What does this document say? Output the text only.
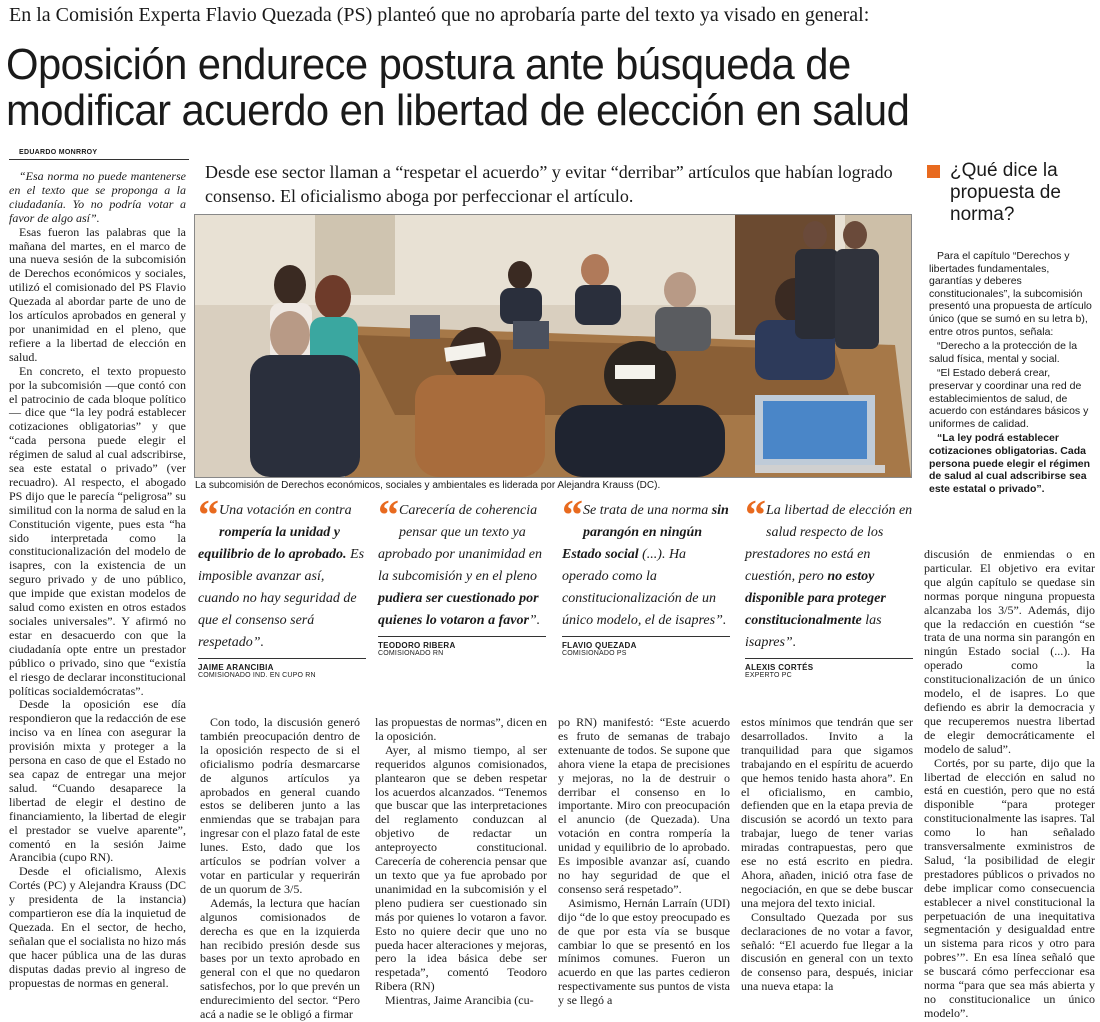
En la Comisión Experta Flavio Quezada (PS) planteó que no aprobaría parte del texto ya visado en general:
Oposición endurece postura ante búsqueda de
modificar acuerdo en libertad de elección en salud
EDUARDO MONRROY
Desde ese sector llaman a “respetar el acuerdo” y evitar “derribar” artículos que habían logrado consenso. El oficialismo aboga por perfeccionar el artículo.

“Esa norma no puede mantenerse en el texto que se proponga a la ciudadanía. Yo no podría votar a favor de algo así”.

Esas fueron las palabras que la mañana del martes, en el marco de una nueva sesión de la subcomisión de Derechos económicos y sociales, utilizó el comisionado del PS Flavio Quezada al abordar parte de uno de los artículos aprobados en general y por unanimidad en el pleno, que refiere a la libertad de elección en salud.

En concreto, el texto propuesto por la subcomisión —que contó con el patrocinio de cada bloque político— dice que “la ley podrá establecer cotizaciones obligatorias” y que “cada persona puede elegir el régimen de salud al cual adscribirse, sea este estatal o privado” (ver recuadro). Al respecto, el abogado PS dijo que le parecía “peligrosa” su similitud con la norma de salud en la Constitución vigente, pues esta “ha sido interpretada como la constitucionalización del modelo de isapres, con la existencia de un seguro privado y de uno público, que impide que existan modelos de salud como existen en otros estados sociales universales”. Y afirmó no estar en desacuerdo con que la ciudadanía opte entre un prestador público o privado, sino que “existía el riesgo de declarar inconstitucional políticas socialdemócratas”.

Desde la oposición ese día respondieron que la redacción de ese inciso va en línea con asegurar la provisión mixta y proteger a la persona en caso de que el Estado no sea capaz de entregar una mejor salud. “Cuando desaparece la libertad de elegir el destino de financiamiento, la libertad de elegir el prestador se vuelve aparente”, comentó en la sesión Jaime Arancibia (cupo RN).

Desde el oficialismo, Alexis Cortés (PC) y Alejandra Krauss (DC y presidenta de la instancia) compartieron ese día la inquietud de Quezada. En el sector, de hecho, señalan que el socialista no hizo más que hacer pública una de las duras disputas dadas previo al ingreso de propuestas de normas en general.

La subcomisión de Derechos económicos, sociales y ambientales es liderada por Alejandra Krauss (DC).
“ Una votación en contra rompería la unidad y equilibrio de lo aprobado. Es imposible avanzar así, cuando no hay seguridad de que el consenso será respetado”.
JAIME ARANCIBIA
COMISIONADO IND. EN CUPO RN
“ Carecería de coherencia pensar que un texto ya aprobado por unanimidad en la subcomisión y en el pleno pudiera ser cuestionado por quienes lo votaron a favor”.
TEODORO RIBERA
COMISIONADO RN
“ Se trata de una norma sin parangón en ningún Estado social (...). Ha operado como la constitucionalización de un único modelo, el de isapres”.
FLAVIO QUEZADA
COMISIONADO PS
“ La libertad de elección en salud respecto de los prestadores no está en cuestión, pero no estoy disponible para proteger constitucionalmente las isapres”.
ALEXIS CORTÉS
EXPERTO PC

Con todo, la discusión generó también preocupación dentro de la oposición respecto de si el oficialismo podría desmarcarse de algunos artículos ya aprobados en general cuando estos se deliberen junto a las enmiendas que se trabajan para ingresar con el plazo fatal de este lunes. Esto, dado que los artículos se podrían volver a votar en particular y requerirán de un quorum de 3/5.

Además, la lectura que hacían algunos comisionados de derecha es que en la izquierda han recibido presión desde sus bases por un texto aprobado en general con el que no quedaron satisfechos, por lo que prevén un endurecimiento del sector. “Pero acá a nadie se le obligó a firmar

las propuestas de normas”, dicen en la oposición.

Ayer, al mismo tiempo, al ser requeridos algunos comisionados, plantearon que se deben respetar los acuerdos alcanzados. “Tenemos que buscar que las interpretaciones del reglamento conduzcan al objetivo de redactar un anteproyecto constitucional. Carecería de coherencia pensar que un texto que ya fue aprobado por unanimidad en la subcomisión y el pleno pudiera ser cuestionado sin más por quienes lo votaron a favor. Esto no quiere decir que uno no pueda hacer alteraciones y mejoras, pero la idea básica debe ser respetada”, comentó Teodoro Ribera (RN)

Mientras, Jaime Arancibia (cu-

po RN) manifestó: “Este acuerdo es fruto de semanas de trabajo extenuante de todos. Se supone que ahora viene la etapa de precisiones y mejoras, no la de destruir o derribar el consenso en lo importante. Miro con preocupación el anuncio (de Quezada). Una votación en contra rompería la unidad y equilibrio de lo aprobado. Es imposible avanzar así, cuando no hay seguridad de que el consenso será respetado”.

Asimismo, Hernán Larraín (UDI) dijo “de lo que estoy preocupado es de que por esta vía se busque cambiar lo que se presentó en los mínimos comunes. Fueron un acuerdo en que las partes cedieron respectivamente sus puntos de vista y se llegó a

estos mínimos que tendrán que ser desarrollados. Invito a la tranquilidad para que sigamos trabajando en el espíritu de acuerdo que hemos tenido hasta ahora”. En el oficialismo, en cambio, defienden que en la etapa previa de discusión se acordó un texto para trabajar, luego de tener varias miradas contrapuestas, pero que ese no está escrito en piedra. Ahora, añaden, inició otra fase de negociación, en que se debe buscar una mejora del texto inicial.

Consultado Quezada por sus declaraciones de no votar a favor, señaló: “El acuerdo fue llegar a la discusión en general con un texto de consenso para, después, iniciar una nueva etapa: la

¿Qué dice la propuesta de norma?

Para el capítulo “Derechos y libertades fundamentales, garantías y deberes constitucionales”, la subcomisión presentó una propuesta de artículo único (que se sumó en su letra b), entre otros puntos, señala:

“Derecho a la protección de la salud física, mental y social.

“El Estado deberá crear, preservar y coordinar una red de establecimientos de salud, de acuerdo con estándares básicos y uniformes de calidad.

“La ley podrá establecer cotizaciones obligatorias. Cada persona puede elegir el régimen de salud al cual adscribirse sea este estatal o privado”.

discusión de enmiendas o en particular. El objetivo era evitar que algún capítulo se quedase sin normas porque ninguna propuesta alcanzaba los 3/5”. Además, dijo que la redacción en cuestión “se trata de una norma sin parangón en ningún Estado social (...). Ha operado como la constitucionalización de un único modelo, el de isapres. Lo que defiendo es abrir la democracia y que recuperemos nuestra libertad de elegir democráticamente el modelo de salud”.

Cortés, por su parte, dijo que la libertad de elección en salud no está en cuestión, pero que no está disponible “para proteger constitucionalmente las isapres. Tal como lo han señalado transversalmente exministros de Salud, ‘la posibilidad de elegir prestadores públicos o privados no debe implicar como consecuencia establecer a nivel constitucional la perpetuación de una inequitativa segmentación y desigualdad entre un sistema para ricos y otro para pobres’”. En esa línea señaló que se buscará cómo perfeccionar esa norma “para que sea más abierta y no constitucionalice un único modelo”.
